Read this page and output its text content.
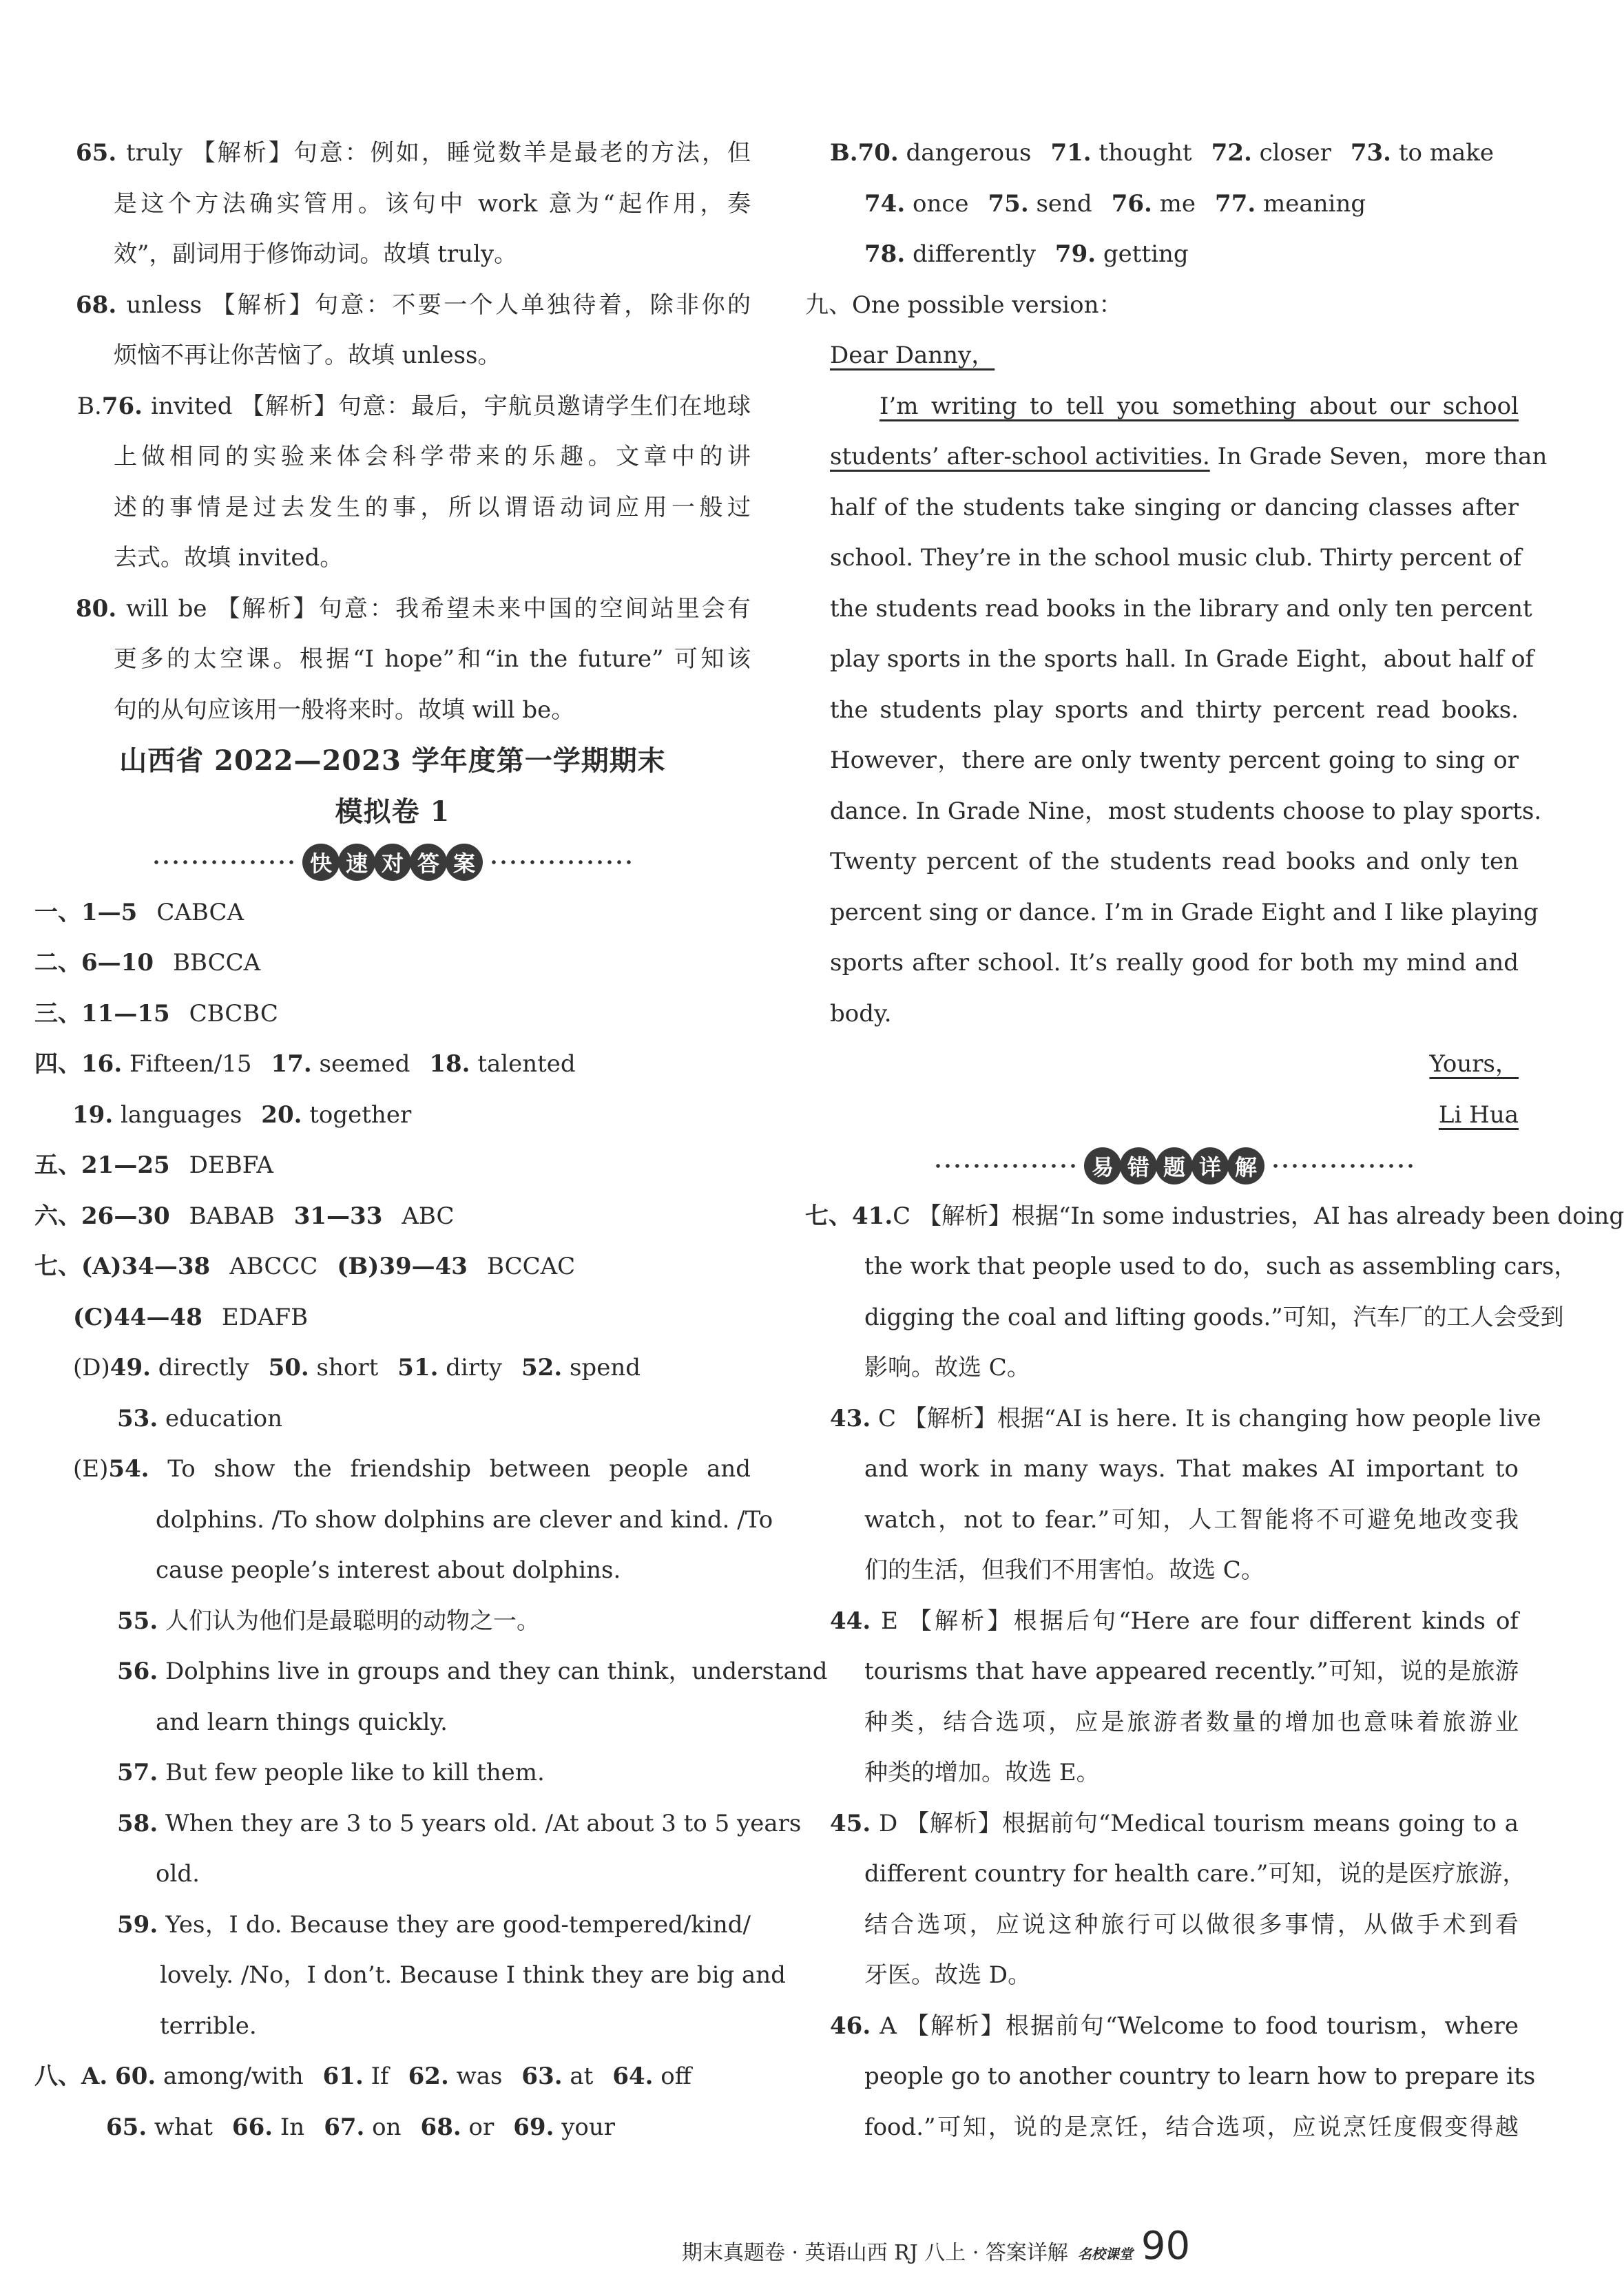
65. truly 【解析】句意：例如，睡觉数羊是最老的方法，但
是这个方法确实管用。该句中 work 意为“起作用，奏
效”，副词用于修饰动词。故填 truly。
68. unless 【解析】句意：不要一个人单独待着，除非你的
烦恼不再让你苦恼了。故填 unless。
B.76. invited 【解析】句意：最后，宇航员邀请学生们在地球
上做相同的实验来体会科学带来的乐趣。文章中的讲
述的事情是过去发生的事，所以谓语动词应用一般过
去式。故填 invited。
80. will be 【解析】句意：我希望未来中国的空间站里会有
更多的太空课。根据“I hope”和“in the future” 可知该
句的从句应该用一般将来时。故填 will be。
山西省 2022—2023 学年度第一学期期末
模拟卷 1
快 速 对 答 案
一、1—5 CABCA
二、6—10 BBCCA
三、11—15 CBCBC
四、16. Fifteen/15 17. seemed 18. talented
19. languages 20. together
五、21—25 DEBFA
六、26—30 BABAB 31—33 ABC
七、(A)34—38 ABCCC (B)39—43 BCCAC
(C)44—48 EDAFB
(D)49. directly 50. short 51. dirty 52. spend
53. education
(E)54. To show the friendship between people and
dolphins. /To show dolphins are clever and kind. /To
cause people’s interest about dolphins.
55. 人们认为他们是最聪明的动物之一。
56. Dolphins live in groups and they can think，understand
and learn things quickly.
57. But few people like to kill them.
58. When they are 3 to 5 years old. /At about 3 to 5 years
old.
59. Yes，I do. Because they are good-tempered/kind/
lovely. /No，I don’t. Because I think they are big and
terrible.
八、A. 60. among/with 61. If 62. was 63. at 64. off
65. what 66. In 67. on 68. or 69. your
B.70. dangerous 71. thought 72. closer 73. to make
74. once 75. send 76. me 77. meaning
78. differently 79. getting
九、One possible version：
Dear Danny，
I’m writing to tell you something about our school
students’ after-school activities. In Grade Seven，more than
half of the students take singing or dancing classes after
school. They’re in the school music club. Thirty percent of
the students read books in the library and only ten percent
play sports in the sports hall. In Grade Eight，about half of
the students play sports and thirty percent read books.
However，there are only twenty percent going to sing or
dance. In Grade Nine，most students choose to play sports.
Twenty percent of the students read books and only ten
percent sing or dance. I’m in Grade Eight and I like playing
sports after school. It’s really good for both my mind and
body.
Yours，
Li Hua
易 错 题 详 解
七、41.C 【解析】根据“In some industries，AI has already been doing
the work that people used to do，such as assembling cars，
digging the coal and lifting goods.”可知，汽车厂的工人会受到
影响。故选 C。
43. C 【解析】根据“AI is here. It is changing how people live
and work in many ways. That makes AI important to
watch，not to fear.”可知，人工智能将不可避免地改变我
们的生活，但我们不用害怕。故选 C。
44. E 【解析】根据后句“Here are four different kinds of
tourisms that have appeared recently.”可知，说的是旅游
种类，结合选项，应是旅游者数量的增加也意味着旅游业
种类的增加。故选 E。
45. D 【解析】根据前句“Medical tourism means going to a
different country for health care.”可知，说的是医疗旅游，
结合选项，应说这种旅行可以做很多事情，从做手术到看
牙医。故选 D。
46. A 【解析】根据前句“Welcome to food tourism，where
people go to another country to learn how to prepare its
food.”可知，说的是烹饪，结合选项，应说烹饪度假变得越
期末真题卷 · 英语山西 RJ 八上 · 答案详解 名校课堂 90
